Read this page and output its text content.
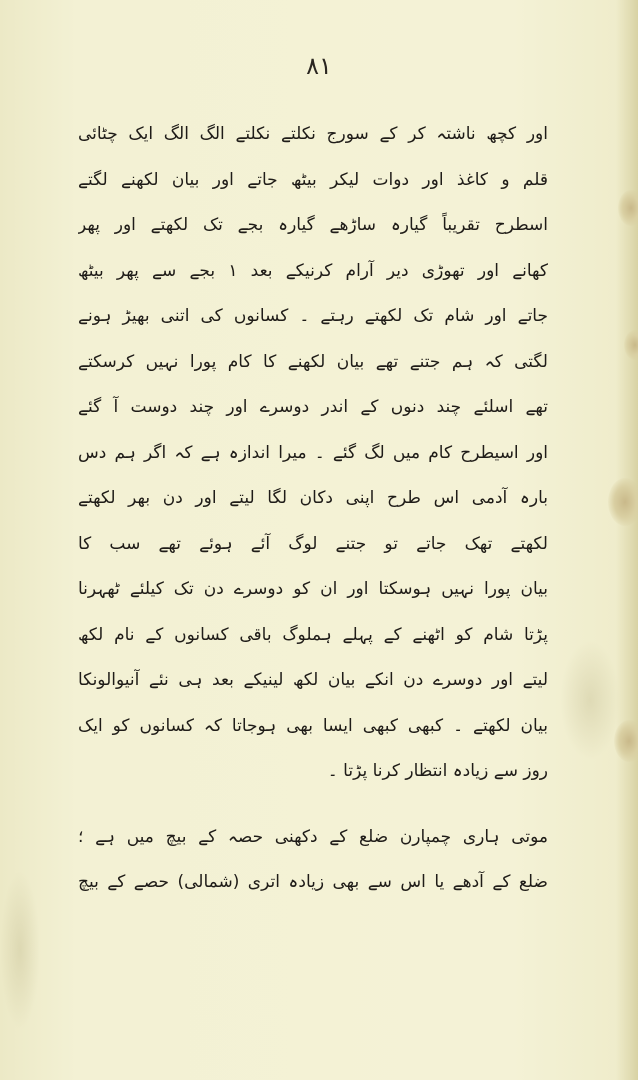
۸۱
اور کچھ ناشتہ کر کے سورج نکلتے نکلتے الگ الگ ایک چٹائی
قلم و کاغذ اور دوات لیکر بیٹھ جاتے اور بیان لکھنے لگتے
اسطرح تقریباً گیارہ ساڑھے گیارہ بجے تک لکھتے اور پھر
کھانے اور تھوڑی دیر آرام کرنیکے بعد ۱ بجے سے پھر بیٹھ
جاتے اور شام تک لکھتے رہتے ۔ کسانوں کی اتنی بھیڑ ہونے
لگتی کہ ہم جتنے تھے بیان لکھنے کا کام پورا نہیں کرسکتے
تھے اسلئے چند دنوں کے اندر دوسرے اور چند دوست آ گئے
اور اسیطرح کام میں لگ گئے ۔ میرا اندازہ ہے کہ اگر ہم دس
بارہ آدمی اس طرح اپنی دکان لگا لیتے اور دن بھر لکھتے
لکھتے تھک جاتے تو جتنے لوگ آئے ہوئے تھے سب کا
بیان پورا نہیں ہوسکتا اور ان کو دوسرے دن تک کیلئے ٹھہرنا
پڑتا شام کو اٹھنے کے پہلے ہملوگ باقی کسانوں کے نام لکھ
لیتے اور دوسرے دن انکے بیان لکھ لینیکے بعد ہی نئے آنیوالونکا
بیان لکھتے ۔ کبھی کبھی ایسا بھی ہوجاتا کہ کسانوں کو ایک
روز سے زیادہ انتظار کرنا پڑتا ۔
موتی ہاری چمپارن ضلع کے دکھنی حصہ کے بیچ میں ہے ؛
ضلع کے آدھے یا اس سے بھی زیادہ اتری (شمالی) حصے کے بیچ
